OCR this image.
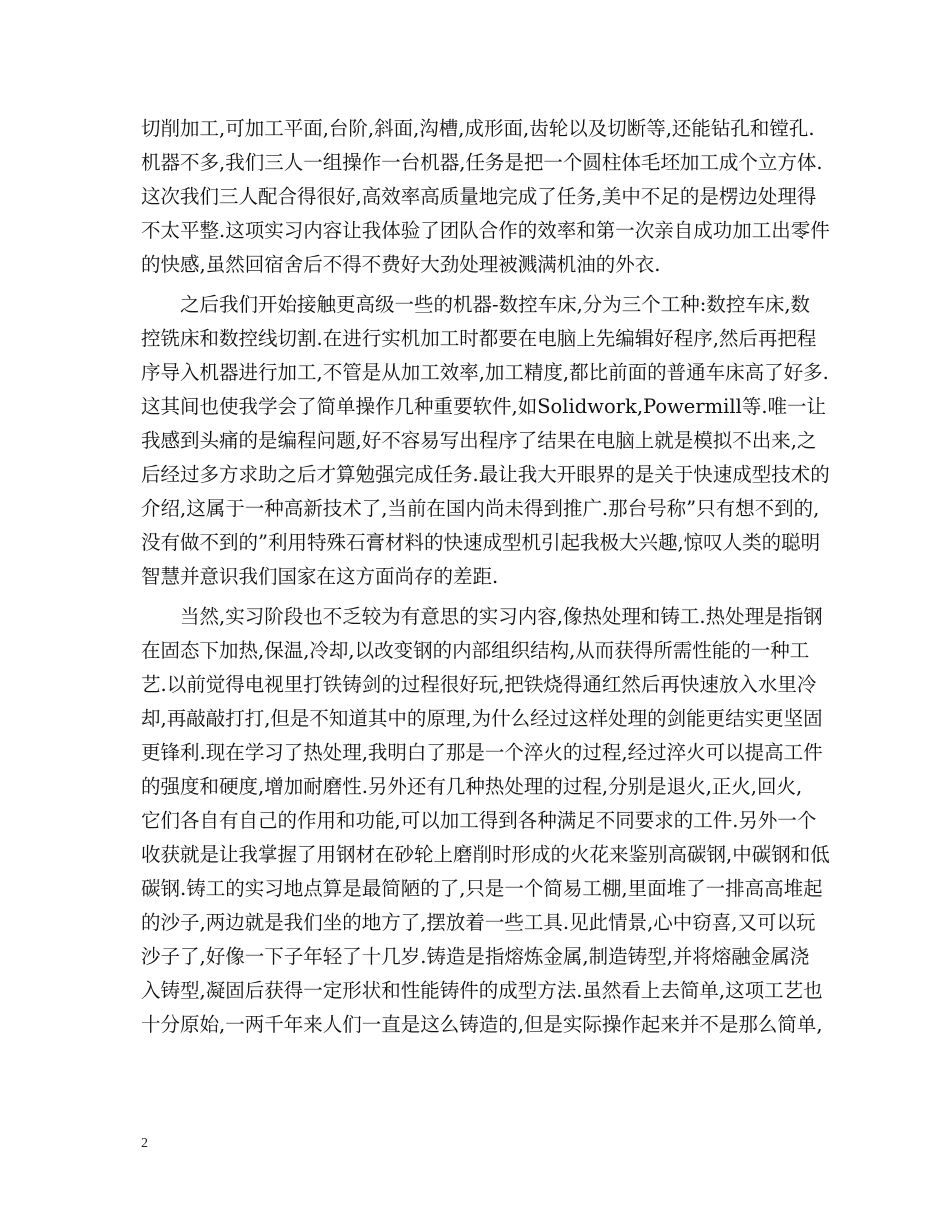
切削加工,可加工平面,台阶,斜面,沟槽,成形面,齿轮以及切断等,还能钻孔和镗孔.
机器不多,我们三人一组操作一台机器,任务是把一个圆柱体毛坯加工成个立方体.
这次我们三人配合得很好,高效率高质量地完成了任务,美中不足的是楞边处理得
不太平整.这项实习内容让我体验了团队合作的效率和第一次亲自成功加工出零件
的快感,虽然回宿舍后不得不费好大劲处理被溅满机油的外衣.
之后我们开始接触更高级一些的机器-数控车床,分为三个工种:数控车床,数
控铣床和数控线切割.在进行实机加工时都要在电脑上先编辑好程序,然后再把程
序导入机器进行加工,不管是从加工效率,加工精度,都比前面的普通车床高了好多.
这其间也使我学会了简单操作几种重要软件,如Solidwork,Powermill等.唯一让
我感到头痛的是编程问题,好不容易写出程序了结果在电脑上就是模拟不出来,之
后经过多方求助之后才算勉强完成任务.最让我大开眼界的是关于快速成型技术的
介绍,这属于一种高新技术了,当前在国内尚未得到推广.那台号称”只有想不到的,
没有做不到的”利用特殊石膏材料的快速成型机引起我极大兴趣,惊叹人类的聪明
智慧并意识我们国家在这方面尚存的差距.
当然,实习阶段也不乏较为有意思的实习内容,像热处理和铸工.热处理是指钢
在固态下加热,保温,冷却,以改变钢的内部组织结构,从而获得所需性能的一种工
艺.以前觉得电视里打铁铸剑的过程很好玩,把铁烧得通红然后再快速放入水里冷
却,再敲敲打打,但是不知道其中的原理,为什么经过这样处理的剑能更结实更坚固
更锋利.现在学习了热处理,我明白了那是一个淬火的过程,经过淬火可以提高工件
的强度和硬度,增加耐磨性.另外还有几种热处理的过程,分别是退火,正火,回火,
它们各自有自己的作用和功能,可以加工得到各种满足不同要求的工件.另外一个
收获就是让我掌握了用钢材在砂轮上磨削时形成的火花来鉴别高碳钢,中碳钢和低
碳钢.铸工的实习地点算是最简陋的了,只是一个简易工棚,里面堆了一排高高堆起
的沙子,两边就是我们坐的地方了,摆放着一些工具.见此情景,心中窃喜,又可以玩
沙子了,好像一下子年轻了十几岁.铸造是指熔炼金属,制造铸型,并将熔融金属浇
入铸型,凝固后获得一定形状和性能铸件的成型方法.虽然看上去简单,这项工艺也
十分原始,一两千年来人们一直是这么铸造的,但是实际操作起来并不是那么简单,
2
